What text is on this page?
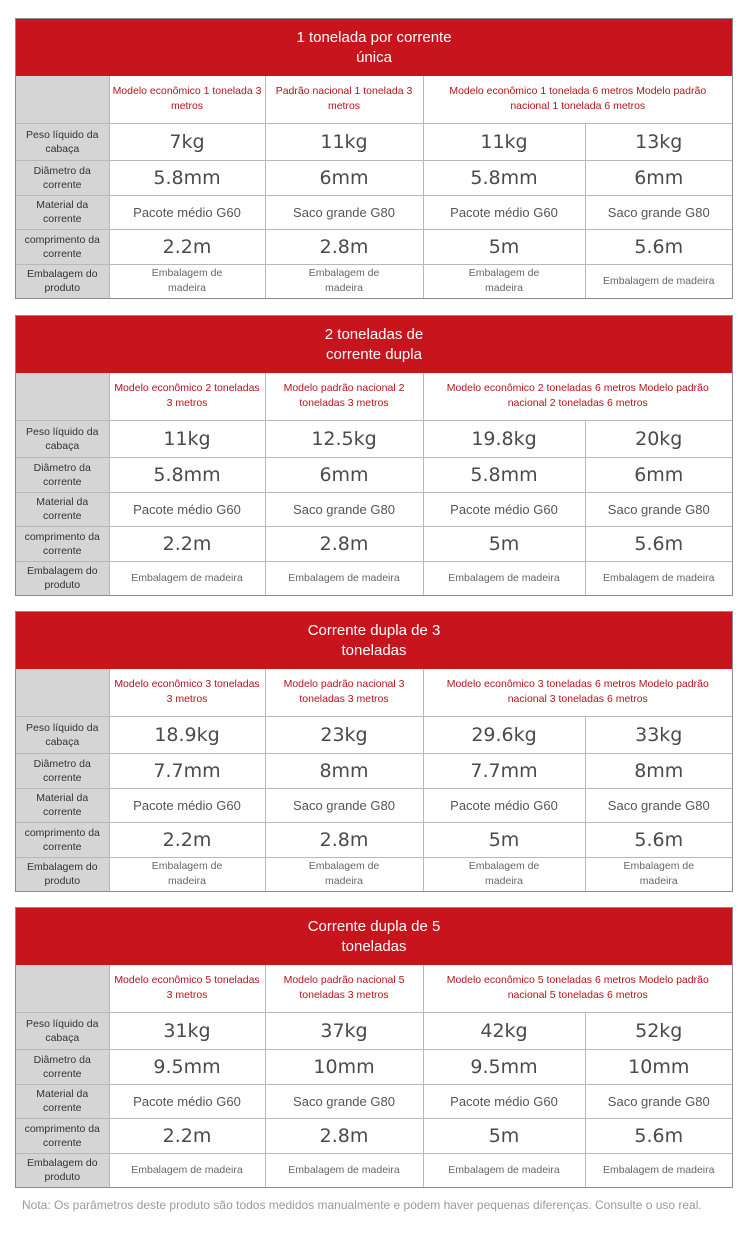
1 tonelada por corrente única
	Modelo econômico 1 tonelada 3 metros	Padrão nacional 1 tonelada 3 metros	Modelo econômico 1 tonelada 6 metros Modelo padrão nacional 1 tonelada 6 metros	
Peso líquido da cabaça	7kg	11kg	11kg	13kg
Diâmetro da corrente	5.8mm	6mm	5.8mm	6mm
Material da corrente	Pacote médio G60	Saco grande G80	Pacote médio G60	Saco grande G80
comprimento da corrente	2.2m	2.8m	5m	5.6m
Embalagem do produto	Embalagem de madeira	Embalagem de madeira	Embalagem de madeira	Embalagem de madeira
2 toneladas de corrente dupla
	Modelo econômico 2 toneladas 3 metros	Modelo padrão nacional 2 toneladas 3 metros	Modelo econômico 2 toneladas 6 metros Modelo padrão nacional 2 toneladas 6 metros	
Peso líquido da cabaça	11kg	12.5kg	19.8kg	20kg
Diâmetro da corrente	5.8mm	6mm	5.8mm	6mm
Material da corrente	Pacote médio G60	Saco grande G80	Pacote médio G60	Saco grande G80
comprimento da corrente	2.2m	2.8m	5m	5.6m
Embalagem do produto	Embalagem de madeira	Embalagem de madeira	Embalagem de madeira	Embalagem de madeira
Corrente dupla de 3 toneladas
	Modelo econômico 3 toneladas 3 metros	Modelo padrão nacional 3 toneladas 3 metros	Modelo econômico 3 toneladas 6 metros Modelo padrão nacional 3 toneladas 6 metros	
Peso líquido da cabaça	18.9kg	23kg	29.6kg	33kg
Diâmetro da corrente	7.7mm	8mm	7.7mm	8mm
Material da corrente	Pacote médio G60	Saco grande G80	Pacote médio G60	Saco grande G80
comprimento da corrente	2.2m	2.8m	5m	5.6m
Embalagem do produto	Embalagem de madeira	Embalagem de madeira	Embalagem de madeira	Embalagem de madeira
Corrente dupla de 5 toneladas
	Modelo econômico 5 toneladas 3 metros	Modelo padrão nacional 5 toneladas 3 metros	Modelo econômico 5 toneladas 6 metros Modelo padrão nacional 5 toneladas 6 metros	
Peso líquido da cabaça	31kg	37kg	42kg	52kg
Diâmetro da corrente	9.5mm	10mm	9.5mm	10mm
Material da corrente	Pacote médio G60	Saco grande G80	Pacote médio G60	Saco grande G80
comprimento da corrente	2.2m	2.8m	5m	5.6m
Embalagem do produto	Embalagem de madeira	Embalagem de madeira	Embalagem de madeira	Embalagem de madeira
Nota: Os parâmetros deste produto são todos medidos manualmente e podem haver pequenas diferenças. Consulte o uso real.
